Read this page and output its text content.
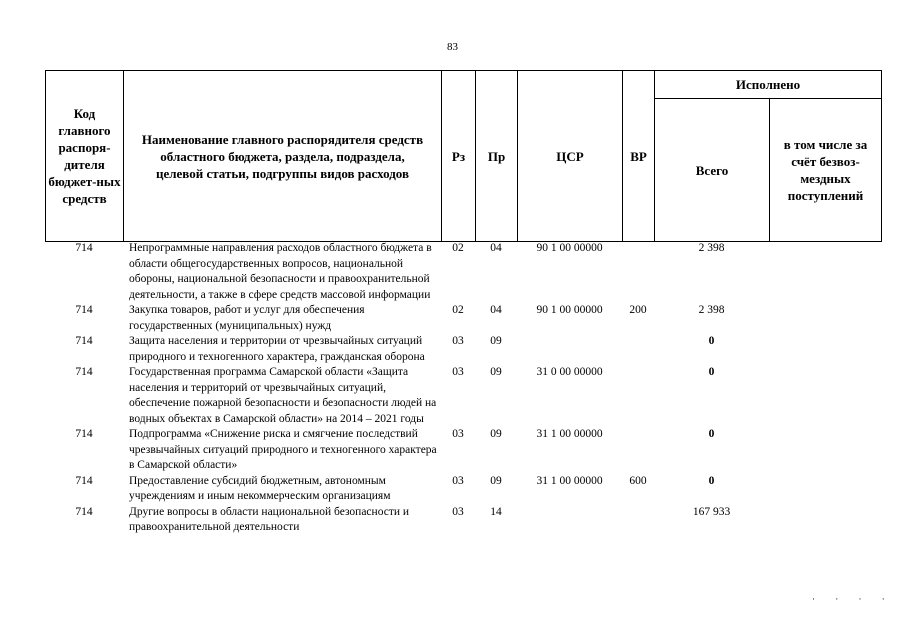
83
Код главного распоря-дителя бюджет-ных средств	Наименование главного распорядителя средств областного бюджета, раздела, подраздела, целевой статьи, подгруппы видов расходов	Рз	Пр	ЦСР	ВР	Исполнено	
						Всего	в том числе за счёт безвоз-мездных поступлений
714	Непрограммные направления расходов областного бюджета в области общегосударственных вопросов, национальной обороны, национальной безопасности и правоохранительной деятельности, а также в сфере средств массовой информации	02	04	90 1 00 00000		2 398	
714	Закупка товаров, работ и услуг для обеспечения государственных (муниципальных) нужд	02	04	90 1 00 00000	200	2 398	
714	Защита населения и территории от чрезвычайных ситуаций природного и техногенного характера, гражданская оборона	03	09			0	
714	Государственная программа Самарской области «Защита населения и территорий от чрезвычайных ситуаций, обеспечение пожарной безопасности и безопасности людей на водных объектах в Самарской области» на 2014 – 2021 годы	03	09	31 0 00 00000		0	
714	Подпрограмма «Снижение риска и смягчение последствий чрезвычайных ситуаций природного и техногенного характера в Самарской области»	03	09	31 1 00 00000		0	
714	Предоставление субсидий бюджетным, автономным учреждениям и иным некоммерческим организациям	03	09	31 1 00 00000	600	0	
714	Другие вопросы в области национальной безопасности и правоохранительной деятельности	03	14			167 933	
· · · ·
